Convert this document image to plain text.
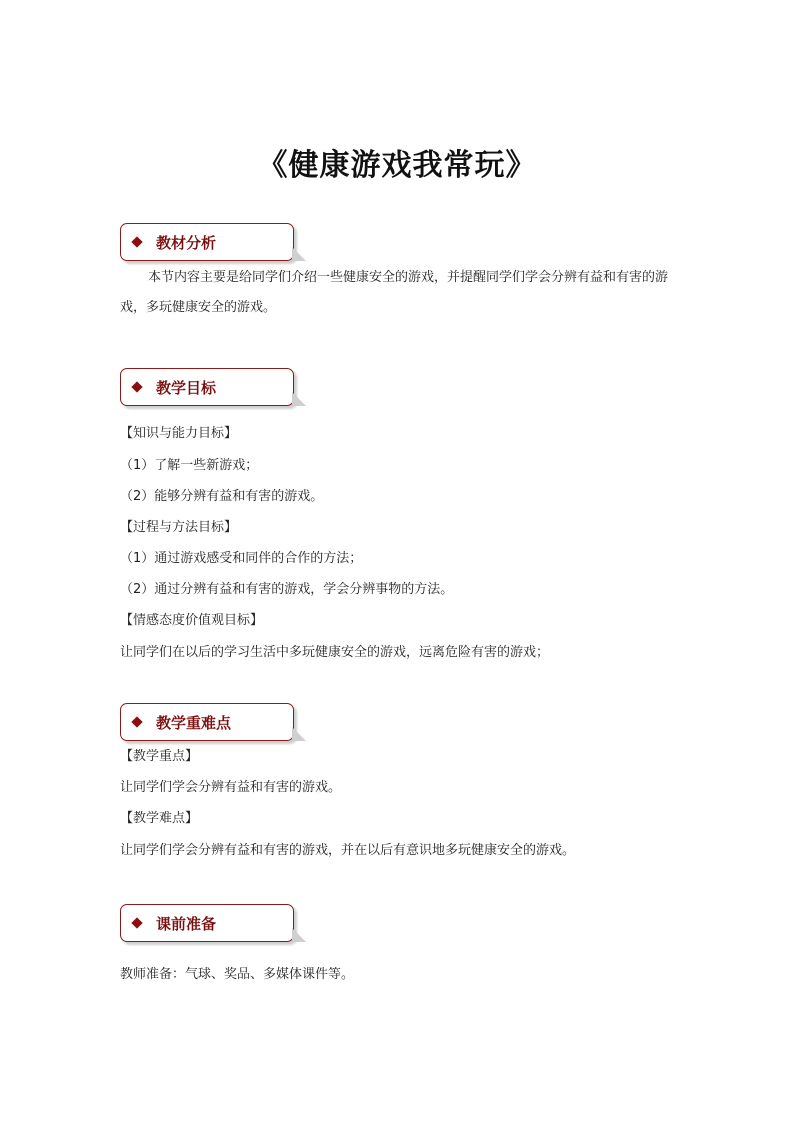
《健康游戏我常玩》
教材分析
本节内容主要是给同学们介绍一些健康安全的游戏，并提醒同学们学会分辨有益和有害的游戏，多玩健康安全的游戏。
教学目标
【知识与能力目标】
（1）了解一些新游戏；
（2）能够分辨有益和有害的游戏。
【过程与方法目标】
（1）通过游戏感受和同伴的合作的方法；
（2）通过分辨有益和有害的游戏，学会分辨事物的方法。
【情感态度价值观目标】
让同学们在以后的学习生活中多玩健康安全的游戏，远离危险有害的游戏；
教学重难点
【教学重点】
让同学们学会分辨有益和有害的游戏。
【教学难点】
让同学们学会分辨有益和有害的游戏，并在以后有意识地多玩健康安全的游戏。
课前准备
教师准备：气球、奖品、多媒体课件等。
